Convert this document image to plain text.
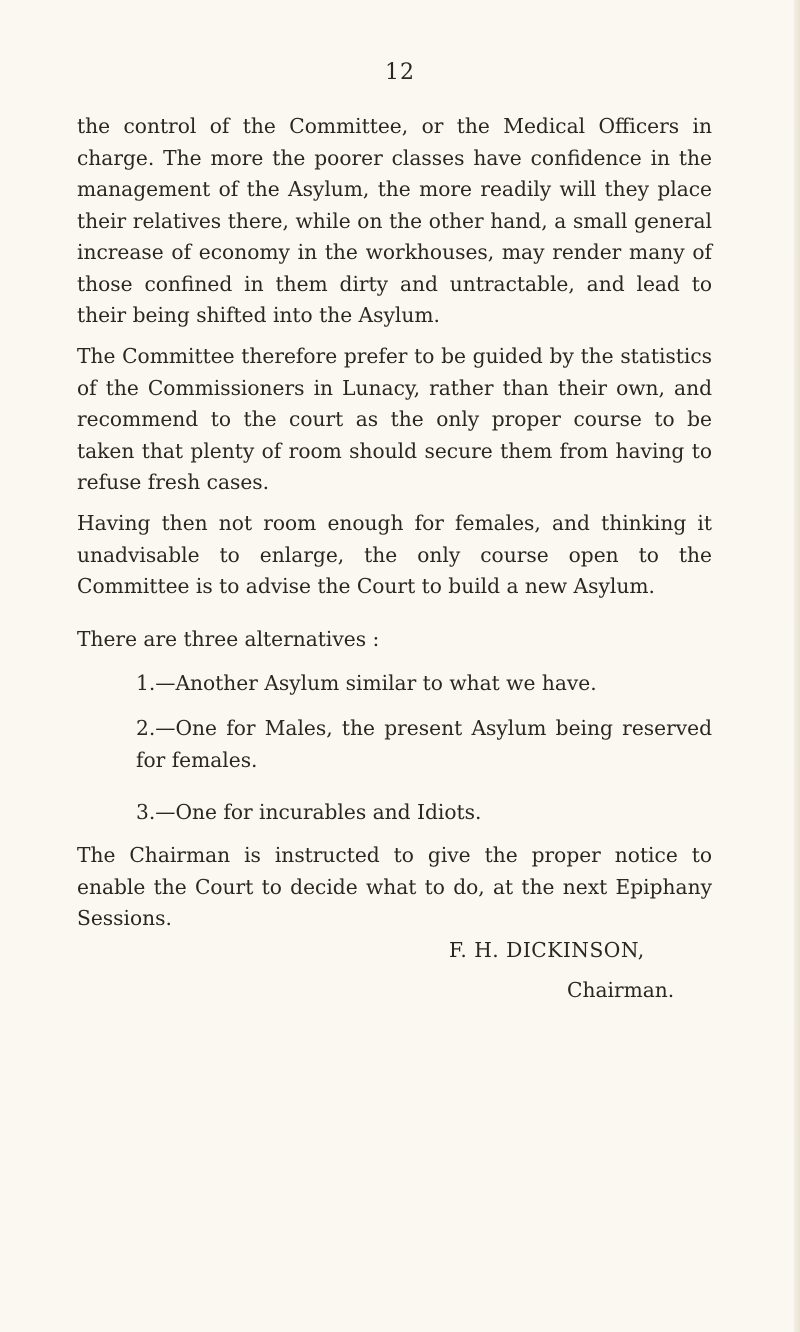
12
the control of the Committee, or the Medical Officers in charge. The more the poorer classes have confidence in the management of the Asylum, the more readily will they place their relatives there, while on the other hand, a small general increase of economy in the workhouses, may render many of those confined in them dirty and untractable, and lead to their being shifted into the Asylum.
The Committee therefore prefer to be guided by the statistics of the Commissioners in Lunacy, rather than their own, and recommend to the court as the only proper course to be taken that plenty of room should secure them from having to refuse fresh cases.
Having then not room enough for females, and thinking it unadvisable to enlarge, the only course open to the Committee is to advise the Court to build a new Asylum.
There are three alternatives :
1.—Another Asylum similar to what we have.
2.—One for Males, the present Asylum being reserved for females.
3.—One for incurables and Idiots.
The Chairman is instructed to give the proper notice to enable the Court to decide what to do, at the next Epiphany Sessions.
F. H. DICKINSON,
Chairman.
